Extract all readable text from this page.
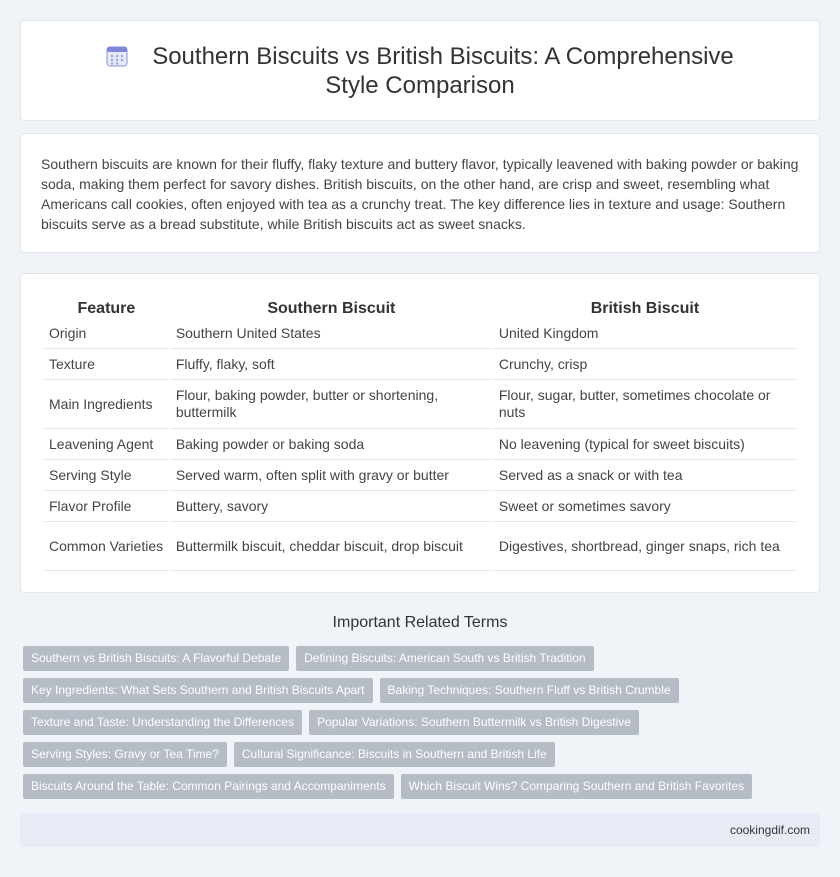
Southern Biscuits vs British Biscuits: A Comprehensive Style Comparison

Southern biscuits are known for their fluffy, flaky texture and buttery flavor, typically leavened with baking powder or baking soda, making them perfect for savory dishes. British biscuits, on the other hand, are crisp and sweet, resembling what Americans call cookies, often enjoyed with tea as a crunchy treat. The key difference lies in texture and usage: Southern biscuits serve as a bread substitute, while British biscuits act as sweet snacks.

Feature	Southern Biscuit	British Biscuit
Origin	Southern United States	United Kingdom
Texture	Fluffy, flaky, soft	Crunchy, crisp
Main Ingredients	Flour, baking powder, butter or shortening, buttermilk	Flour, sugar, butter, sometimes chocolate or nuts
Leavening Agent	Baking powder or baking soda	No leavening (typical for sweet biscuits)
Serving Style	Served warm, often split with gravy or butter	Served as a snack or with tea
Flavor Profile	Buttery, savory	Sweet or sometimes savory
Common Varieties	Buttermilk biscuit, cheddar biscuit, drop biscuit	Digestives, shortbread, ginger snaps, rich tea
Important Related Terms
Southern vs British Biscuits: A Flavorful Debate	Defining Biscuits: American South vs British Tradition
Key Ingredients: What Sets Southern and British Biscuits Apart	Baking Techniques: Southern Fluff vs British Crumble
Texture and Taste: Understanding the Differences	Popular Variations: Southern Buttermilk vs British Digestive
Serving Styles: Gravy or Tea Time?	Cultural Significance: Biscuits in Southern and British Life
Biscuits Around the Table: Common Pairings and Accompaniments	Which Biscuit Wins? Comparing Southern and British Favorites
cookingdif.com
